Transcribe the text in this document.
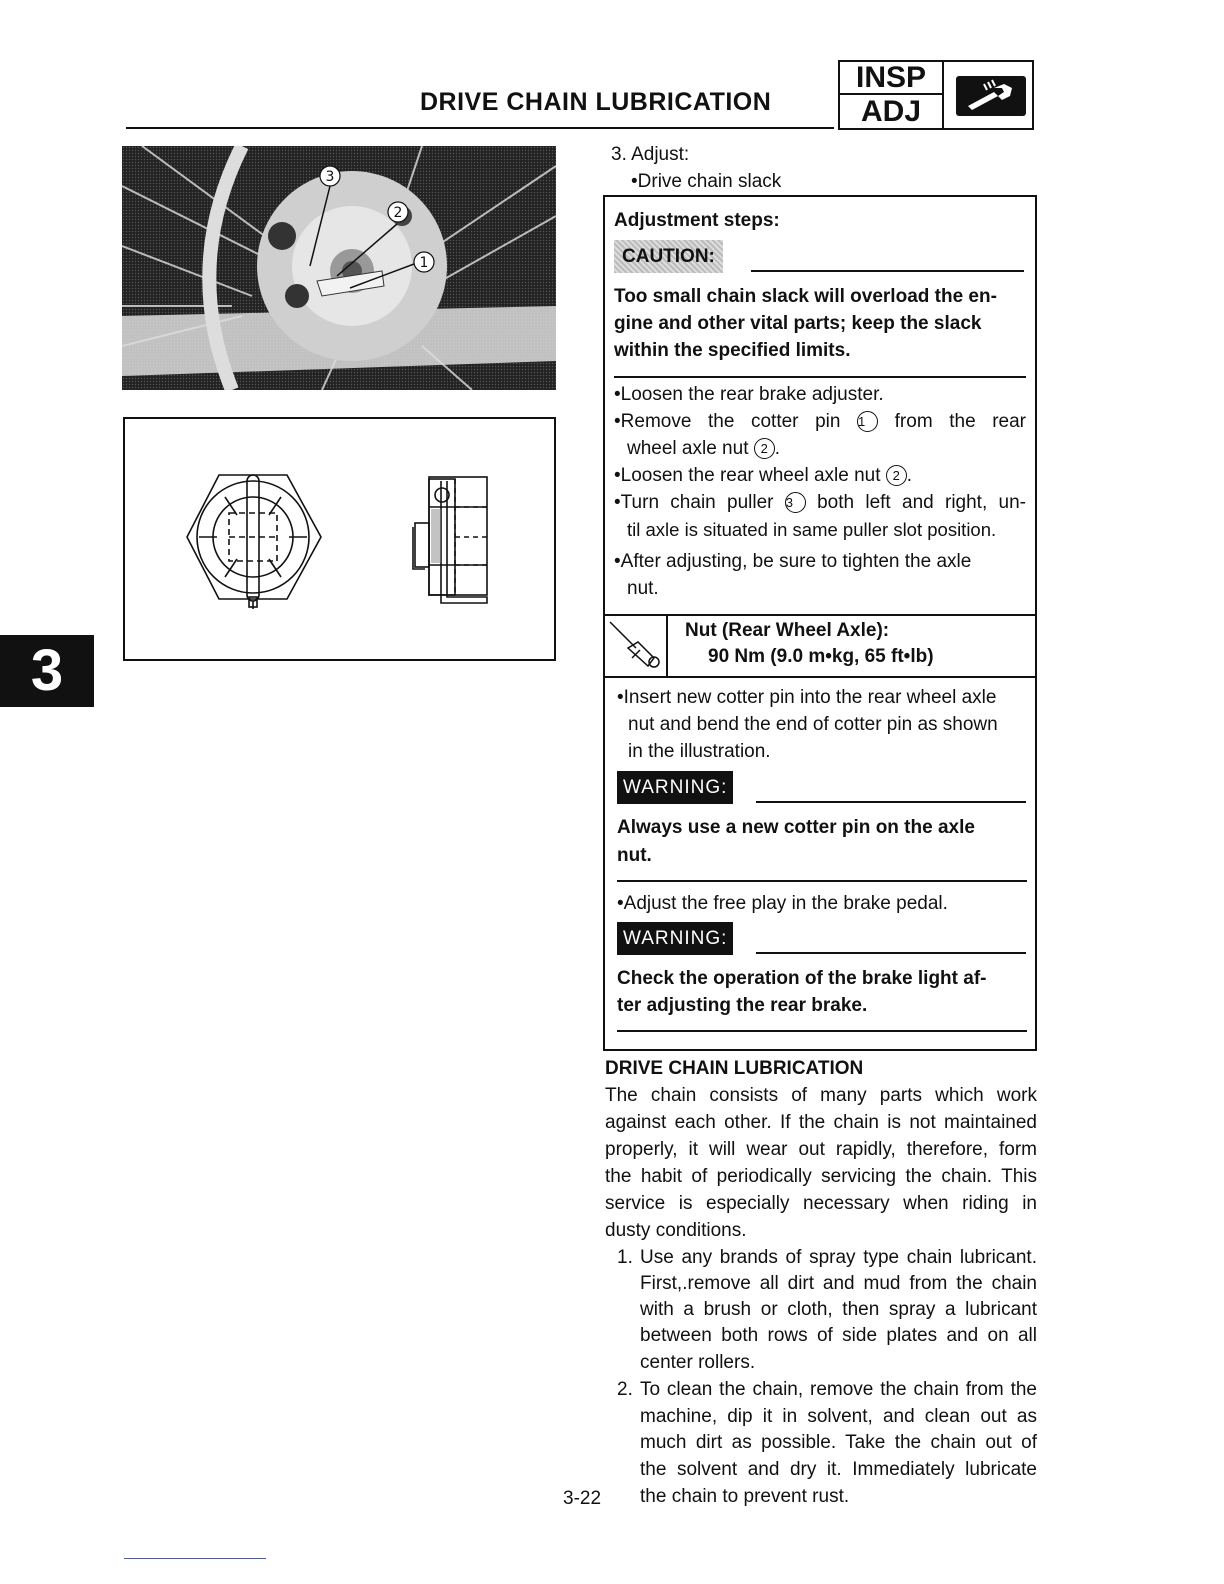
DRIVE CHAIN LUBRICATION
INSP
ADJ
3
2
1
3
3. Adjust:
•Drive chain slack
Adjustment steps:
CAUTION:
Too small chain slack will overload the en-
gine and other vital parts; keep the slack
within the specified limits.
•Loosen the rear brake adjuster.
•Remove the cotter pin 1 from the rear
wheel axle nut 2 .
•Loosen the rear wheel axle nut 2 .
•Turn chain puller 3 both left and right, un-
til axle is situated in same puller slot position.
•After adjusting, be sure to tighten the axle
nut.
Nut (Rear Wheel Axle):
90 Nm (9.0 m•kg, 65 ft•lb)
•Insert new cotter pin into the rear wheel axle
nut and bend the end of cotter pin as shown
in the illustration.
WARNING:
Always use a new cotter pin on the axle
nut.
•Adjust the free play in the brake pedal.
WARNING:
Check the operation of the brake light af-
ter adjusting the rear brake.
DRIVE CHAIN LUBRICATION
The chain consists of many parts which work
against each other. If the chain is not maintained
properly, it will wear out rapidly, therefore, form
the habit of periodically servicing the chain. This
service is especially necessary when riding in
dusty conditions.
1. Use any brands of spray type chain lubricant.
First,.remove all dirt and mud from the chain
with a brush or cloth, then spray a lubricant
between both rows of side plates and on all
center rollers.
2. To clean the chain, remove the chain from the
machine, dip it in solvent, and clean out as
much dirt as possible. Take the chain out of
the solvent and dry it. Immediately lubricate
the chain to prevent rust.
3-22
